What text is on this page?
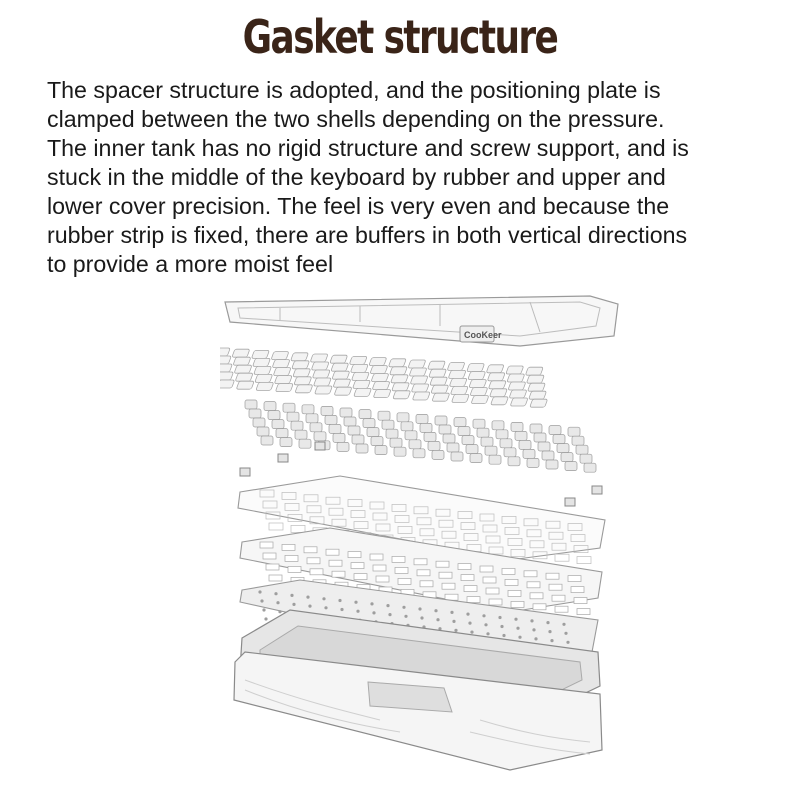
Gasket structure
The spacer structure is adopted, and the positioning plate is
clamped between the two shells depending on the pressure.
The inner tank has no rigid structure and screw support, and is
stuck in the middle of the keyboard by rubber and upper and
lower cover precision. The feel is very even and because the
rubber strip is fixed, there are buffers in both vertical directions
to provide a more moist feel
CooKeer
